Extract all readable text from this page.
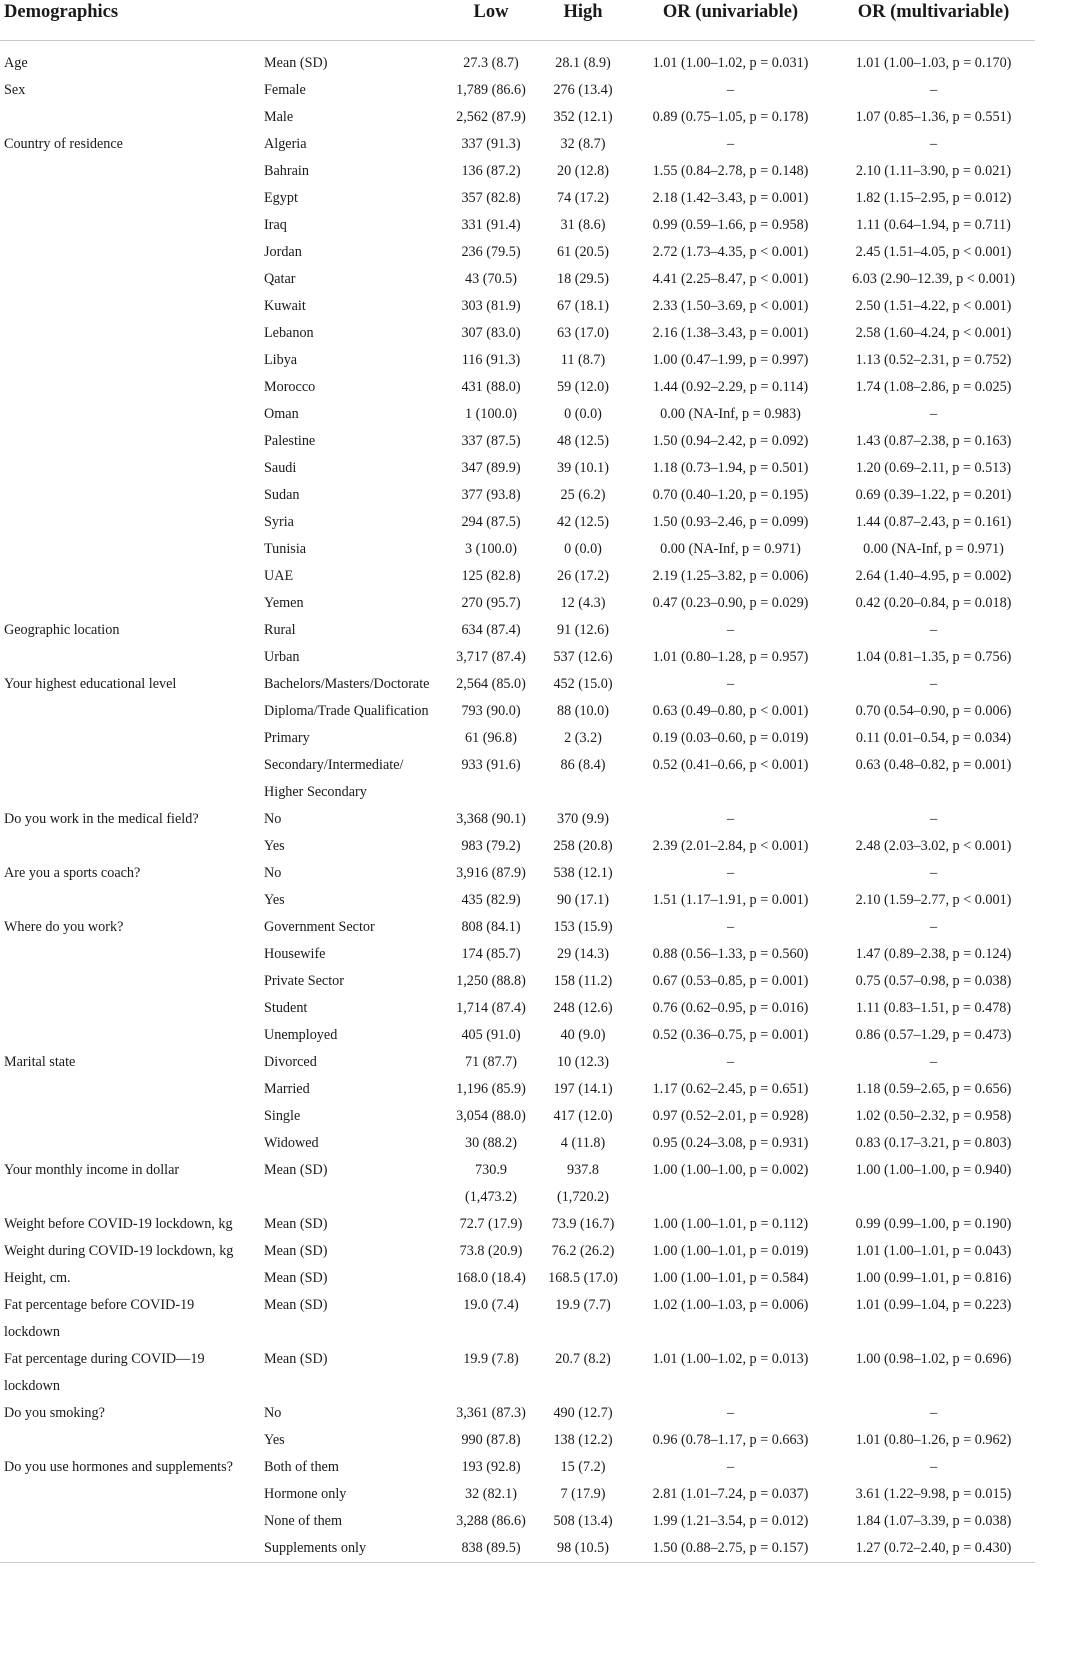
Demographics		Low	High	OR (univariable)	OR (multivariable)
Age	Mean (SD)	27.3 (8.7)	28.1 (8.9)	1.01 (1.00–1.02, p = 0.031)	1.01 (1.00–1.03, p = 0.170)
Sex	Female	1,789 (86.6)	276 (13.4)	–	–
	Male	2,562 (87.9)	352 (12.1)	0.89 (0.75–1.05, p = 0.178)	1.07 (0.85–1.36, p = 0.551)
Country of residence	Algeria	337 (91.3)	32 (8.7)	–	–
	Bahrain	136 (87.2)	20 (12.8)	1.55 (0.84–2.78, p = 0.148)	2.10 (1.11–3.90, p = 0.021)
	Egypt	357 (82.8)	74 (17.2)	2.18 (1.42–3.43, p = 0.001)	1.82 (1.15–2.95, p = 0.012)
	Iraq	331 (91.4)	31 (8.6)	0.99 (0.59–1.66, p = 0.958)	1.11 (0.64–1.94, p = 0.711)
	Jordan	236 (79.5)	61 (20.5)	2.72 (1.73–4.35, p < 0.001)	2.45 (1.51–4.05, p < 0.001)
	Qatar	43 (70.5)	18 (29.5)	4.41 (2.25–8.47, p < 0.001)	6.03 (2.90–12.39, p < 0.001)
	Kuwait	303 (81.9)	67 (18.1)	2.33 (1.50–3.69, p < 0.001)	2.50 (1.51–4.22, p < 0.001)
	Lebanon	307 (83.0)	63 (17.0)	2.16 (1.38–3.43, p = 0.001)	2.58 (1.60–4.24, p < 0.001)
	Libya	116 (91.3)	11 (8.7)	1.00 (0.47–1.99, p = 0.997)	1.13 (0.52–2.31, p = 0.752)
	Morocco	431 (88.0)	59 (12.0)	1.44 (0.92–2.29, p = 0.114)	1.74 (1.08–2.86, p = 0.025)
	Oman	1 (100.0)	0 (0.0)	0.00 (NA-Inf, p = 0.983)	–
	Palestine	337 (87.5)	48 (12.5)	1.50 (0.94–2.42, p = 0.092)	1.43 (0.87–2.38, p = 0.163)
	Saudi	347 (89.9)	39 (10.1)	1.18 (0.73–1.94, p = 0.501)	1.20 (0.69–2.11, p = 0.513)
	Sudan	377 (93.8)	25 (6.2)	0.70 (0.40–1.20, p = 0.195)	0.69 (0.39–1.22, p = 0.201)
	Syria	294 (87.5)	42 (12.5)	1.50 (0.93–2.46, p = 0.099)	1.44 (0.87–2.43, p = 0.161)
	Tunisia	3 (100.0)	0 (0.0)	0.00 (NA-Inf, p = 0.971)	0.00 (NA-Inf, p = 0.971)
	UAE	125 (82.8)	26 (17.2)	2.19 (1.25–3.82, p = 0.006)	2.64 (1.40–4.95, p = 0.002)
	Yemen	270 (95.7)	12 (4.3)	0.47 (0.23–0.90, p = 0.029)	0.42 (0.20–0.84, p = 0.018)
Geographic location	Rural	634 (87.4)	91 (12.6)	–	–
	Urban	3,717 (87.4)	537 (12.6)	1.01 (0.80–1.28, p = 0.957)	1.04 (0.81–1.35, p = 0.756)
Your highest educational level	Bachelors/Masters/Doctorate	2,564 (85.0)	452 (15.0)	–	–
	Diploma/Trade Qualification	793 (90.0)	88 (10.0)	0.63 (0.49–0.80, p < 0.001)	0.70 (0.54–0.90, p = 0.006)
	Primary	61 (96.8)	2 (3.2)	0.19 (0.03–0.60, p = 0.019)	0.11 (0.01–0.54, p = 0.034)
	Secondary/Intermediate/	933 (91.6)	86 (8.4)	0.52 (0.41–0.66, p < 0.001)	0.63 (0.48–0.82, p = 0.001)
	Higher Secondary				
Do you work in the medical field?	No	3,368 (90.1)	370 (9.9)	–	–
	Yes	983 (79.2)	258 (20.8)	2.39 (2.01–2.84, p < 0.001)	2.48 (2.03–3.02, p < 0.001)
Are you a sports coach?	No	3,916 (87.9)	538 (12.1)	–	–
	Yes	435 (82.9)	90 (17.1)	1.51 (1.17–1.91, p = 0.001)	2.10 (1.59–2.77, p < 0.001)
Where do you work?	Government Sector	808 (84.1)	153 (15.9)	–	–
	Housewife	174 (85.7)	29 (14.3)	0.88 (0.56–1.33, p = 0.560)	1.47 (0.89–2.38, p = 0.124)
	Private Sector	1,250 (88.8)	158 (11.2)	0.67 (0.53–0.85, p = 0.001)	0.75 (0.57–0.98, p = 0.038)
	Student	1,714 (87.4)	248 (12.6)	0.76 (0.62–0.95, p = 0.016)	1.11 (0.83–1.51, p = 0.478)
	Unemployed	405 (91.0)	40 (9.0)	0.52 (0.36–0.75, p = 0.001)	0.86 (0.57–1.29, p = 0.473)
Marital state	Divorced	71 (87.7)	10 (12.3)	–	–
	Married	1,196 (85.9)	197 (14.1)	1.17 (0.62–2.45, p = 0.651)	1.18 (0.59–2.65, p = 0.656)
	Single	3,054 (88.0)	417 (12.0)	0.97 (0.52–2.01, p = 0.928)	1.02 (0.50–2.32, p = 0.958)
	Widowed	30 (88.2)	4 (11.8)	0.95 (0.24–3.08, p = 0.931)	0.83 (0.17–3.21, p = 0.803)
Your monthly income in dollar	Mean (SD)	730.9	937.8	1.00 (1.00–1.00, p = 0.002)	1.00 (1.00–1.00, p = 0.940)
		(1,473.2)	(1,720.2)		
Weight before COVID-19 lockdown, kg	Mean (SD)	72.7 (17.9)	73.9 (16.7)	1.00 (1.00–1.01, p = 0.112)	0.99 (0.99–1.00, p = 0.190)
Weight during COVID-19 lockdown, kg	Mean (SD)	73.8 (20.9)	76.2 (26.2)	1.00 (1.00–1.01, p = 0.019)	1.01 (1.00–1.01, p = 0.043)
Height, cm.	Mean (SD)	168.0 (18.4)	168.5 (17.0)	1.00 (1.00–1.01, p = 0.584)	1.00 (0.99–1.01, p = 0.816)
Fat percentage before COVID-19	Mean (SD)	19.0 (7.4)	19.9 (7.7)	1.02 (1.00–1.03, p = 0.006)	1.01 (0.99–1.04, p = 0.223)
lockdown					
Fat percentage during COVID—19	Mean (SD)	19.9 (7.8)	20.7 (8.2)	1.01 (1.00–1.02, p = 0.013)	1.00 (0.98–1.02, p = 0.696)
lockdown					
Do you smoking?	No	3,361 (87.3)	490 (12.7)	–	–
	Yes	990 (87.8)	138 (12.2)	0.96 (0.78–1.17, p = 0.663)	1.01 (0.80–1.26, p = 0.962)
Do you use hormones and supplements?	Both of them	193 (92.8)	15 (7.2)	–	–
	Hormone only	32 (82.1)	7 (17.9)	2.81 (1.01–7.24, p = 0.037)	3.61 (1.22–9.98, p = 0.015)
	None of them	3,288 (86.6)	508 (13.4)	1.99 (1.21–3.54, p = 0.012)	1.84 (1.07–3.39, p = 0.038)
	Supplements only	838 (89.5)	98 (10.5)	1.50 (0.88–2.75, p = 0.157)	1.27 (0.72–2.40, p = 0.430)
